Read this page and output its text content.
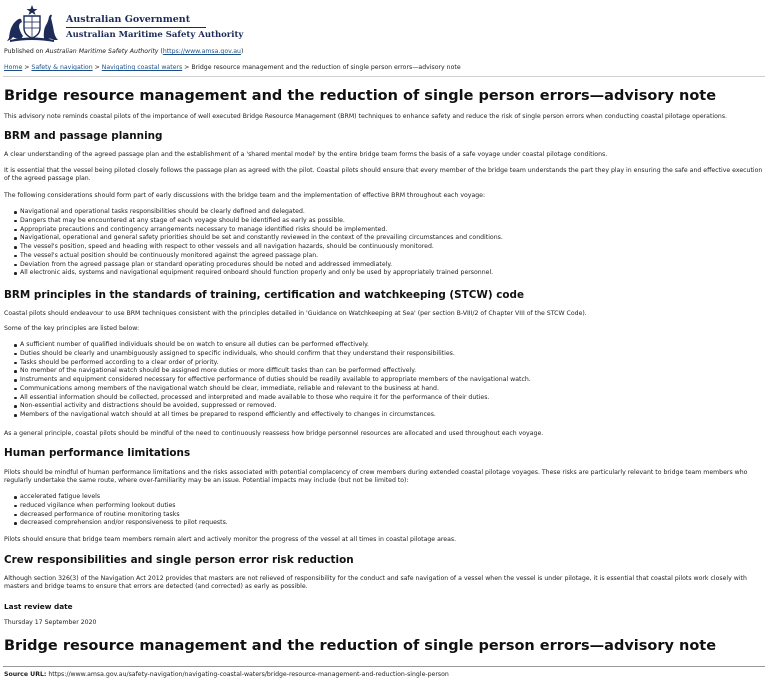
Australian Government
Australian Maritime Safety Authority
Published on Australian Maritime Safety Authority (https://www.amsa.gov.au)
Home > Safety & navigation > Navigating coastal waters > Bridge resource management and the reduction of single person errors—advisory note
Bridge resource management and the reduction of single person errors—advisory note
This advisory note reminds coastal pilots of the importance of well executed Bridge Resource Management (BRM) techniques to enhance safety and reduce the risk of single person errors when conducting coastal pilotage operations.
BRM and passage planning
A clear understanding of the agreed passage plan and the establishment of a 'shared mental model' by the entire bridge team forms the basis of a safe voyage under coastal pilotage conditions.
It is essential that the vessel being piloted closely follows the passage plan as agreed with the pilot. Coastal pilots should ensure that every member of the bridge team understands the part they play in ensuring the safe and effective execution of the agreed passage plan.
The following considerations should form part of early discussions with the bridge team and the implementation of effective BRM throughout each voyage:
Navigational and operational tasks responsibilities should be clearly defined and delegated.
Dangers that may be encountered at any stage of each voyage should be identified as early as possible.
Appropriate precautions and contingency arrangements necessary to manage identified risks should be implemented.
Navigational, operational and general safety priorities should be set and constantly reviewed in the context of the prevailing circumstances and conditions.
The vessel's position, speed and heading with respect to other vessels and all navigation hazards, should be continuously monitored.
The vessel's actual position should be continuously monitored against the agreed passage plan.
Deviation from the agreed passage plan or standard operating procedures should be noted and addressed immediately.
All electronic aids, systems and navigational equipment required onboard should function properly and only be used by appropriately trained personnel.
BRM principles in the standards of training, certification and watchkeeping (STCW) code
Coastal pilots should endeavour to use BRM techniques consistent with the principles detailed in 'Guidance on Watchkeeping at Sea' (per section B-VIII/2 of Chapter VIII of the STCW Code).
Some of the key principles are listed below:
A sufficient number of qualified individuals should be on watch to ensure all duties can be performed effectively.
Duties should be clearly and unambiguously assigned to specific individuals, who should confirm that they understand their responsibilities.
Tasks should be performed according to a clear order of priority.
No member of the navigational watch should be assigned more duties or more difficult tasks than can be performed effectively.
Instruments and equipment considered necessary for effective performance of duties should be readily available to appropriate members of the navigational watch.
Communications among members of the navigational watch should be clear, immediate, reliable and relevant to the business at hand.
All essential information should be collected, processed and interpreted and made available to those who require it for the performance of their duties.
Non-essential activity and distractions should be avoided, suppressed or removed.
Members of the navigational watch should at all times be prepared to respond efficiently and effectively to changes in circumstances.
As a general principle, coastal pilots should be mindful of the need to continuously reassess how bridge personnel resources are allocated and used throughout each voyage.
Human performance limitations
Pilots should be mindful of human performance limitations and the risks associated with potential complacency of crew members during extended coastal pilotage voyages. These risks are particularly relevant to bridge team members who regularly undertake the same route, where over-familiarity may be an issue. Potential impacts may include (but not be limited to):
accelerated fatigue levels
reduced vigilance when performing lookout duties
decreased performance of routine monitoring tasks
decreased comprehension and/or responsiveness to pilot requests.
Pilots should ensure that bridge team members remain alert and actively monitor the progress of the vessel at all times in coastal pilotage areas.
Crew responsibilities and single person error risk reduction
Although section 326(3) of the Navigation Act 2012 provides that masters are not relieved of responsibility for the conduct and safe navigation of a vessel when the vessel is under pilotage, it is essential that coastal pilots work closely with masters and bridge teams to ensure that errors are detected (and corrected) as early as possible.
Last review date
Thursday 17 September 2020
Bridge resource management and the reduction of single person errors—advisory note
Source URL: https://www.amsa.gov.au/safety-navigation/navigating-coastal-waters/bridge-resource-management-and-reduction-single-person
